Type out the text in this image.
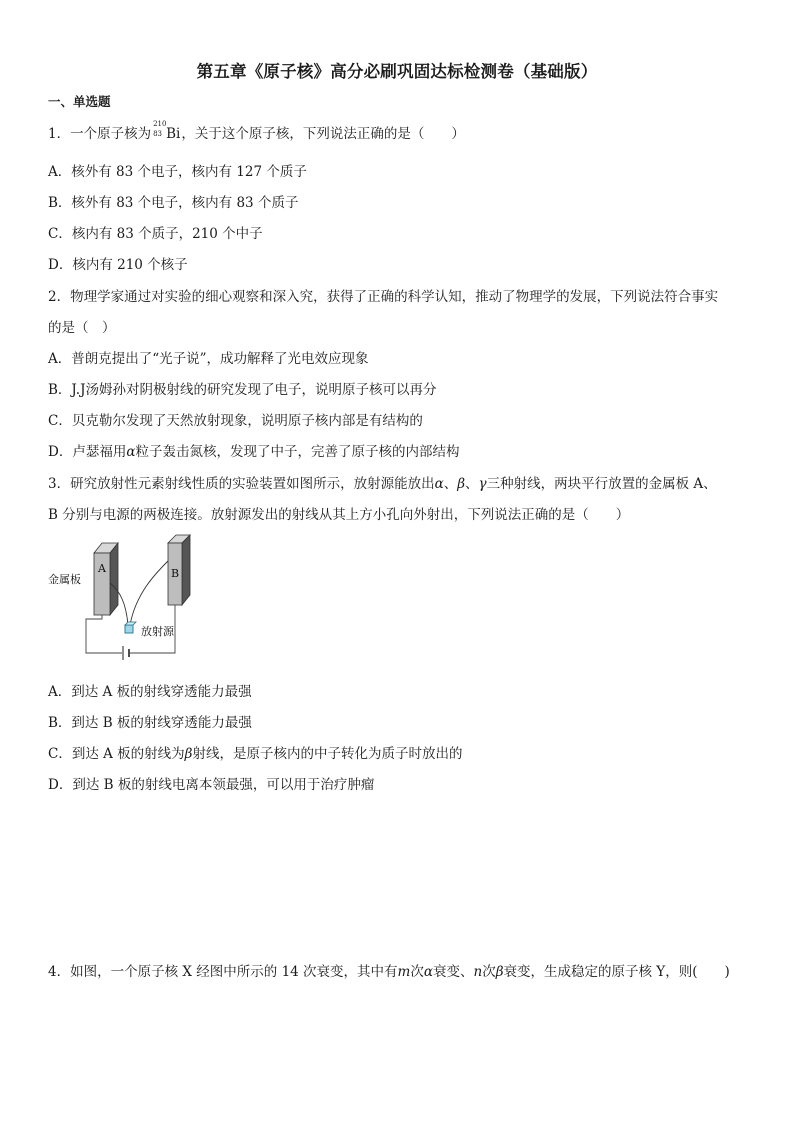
第五章《原子核》高分必刷巩固达标检测卷（基础版）
一、单选题
1．一个原子核为
210
83 Bi，关于这个原子核，下列说法正确的是（　　）
A．核外有 83 个电子，核内有 127 个质子
B．核外有 83 个电子，核内有 83 个质子
C．核内有 83 个质子，210 个中子
D．核内有 210 个核子
2．物理学家通过对实验的细心观察和深入究，获得了正确的科学认知，推动了物理学的发展，下列说法符合事实
的是（　）
A．普朗克提出了“光子说”，成功解释了光电效应现象
B．J.J汤姆孙对阴极射线的研究发现了电子，说明原子核可以再分
C．贝克勒尔发现了天然放射现象，说明原子核内部是有结构的
D．卢瑟福用α粒子轰击氮核，发现了中子，完善了原子核的内部结构
3．研究放射性元素射线性质的实验装置如图所示，放射源能放出α、β、γ三种射线，两块平行放置的金属板 A、
B 分别与电源的两极连接。放射源发出的射线从其上方小孔向外射出，下列说法正确的是（　　）
A	B
金属板
放射源
A．到达 A 板的射线穿透能力最强
B．到达 B 板的射线穿透能力最强
C．到达 A 板的射线为β射线，是原子核内的中子转化为质子时放出的
D．到达 B 板的射线电离本领最强，可以用于治疗肿瘤
4．如图，一个原子核 X 经图中所示的 14 次衰变，其中有m次α衰变、n次β衰变，生成稳定的原子核 Y，则(　　)
